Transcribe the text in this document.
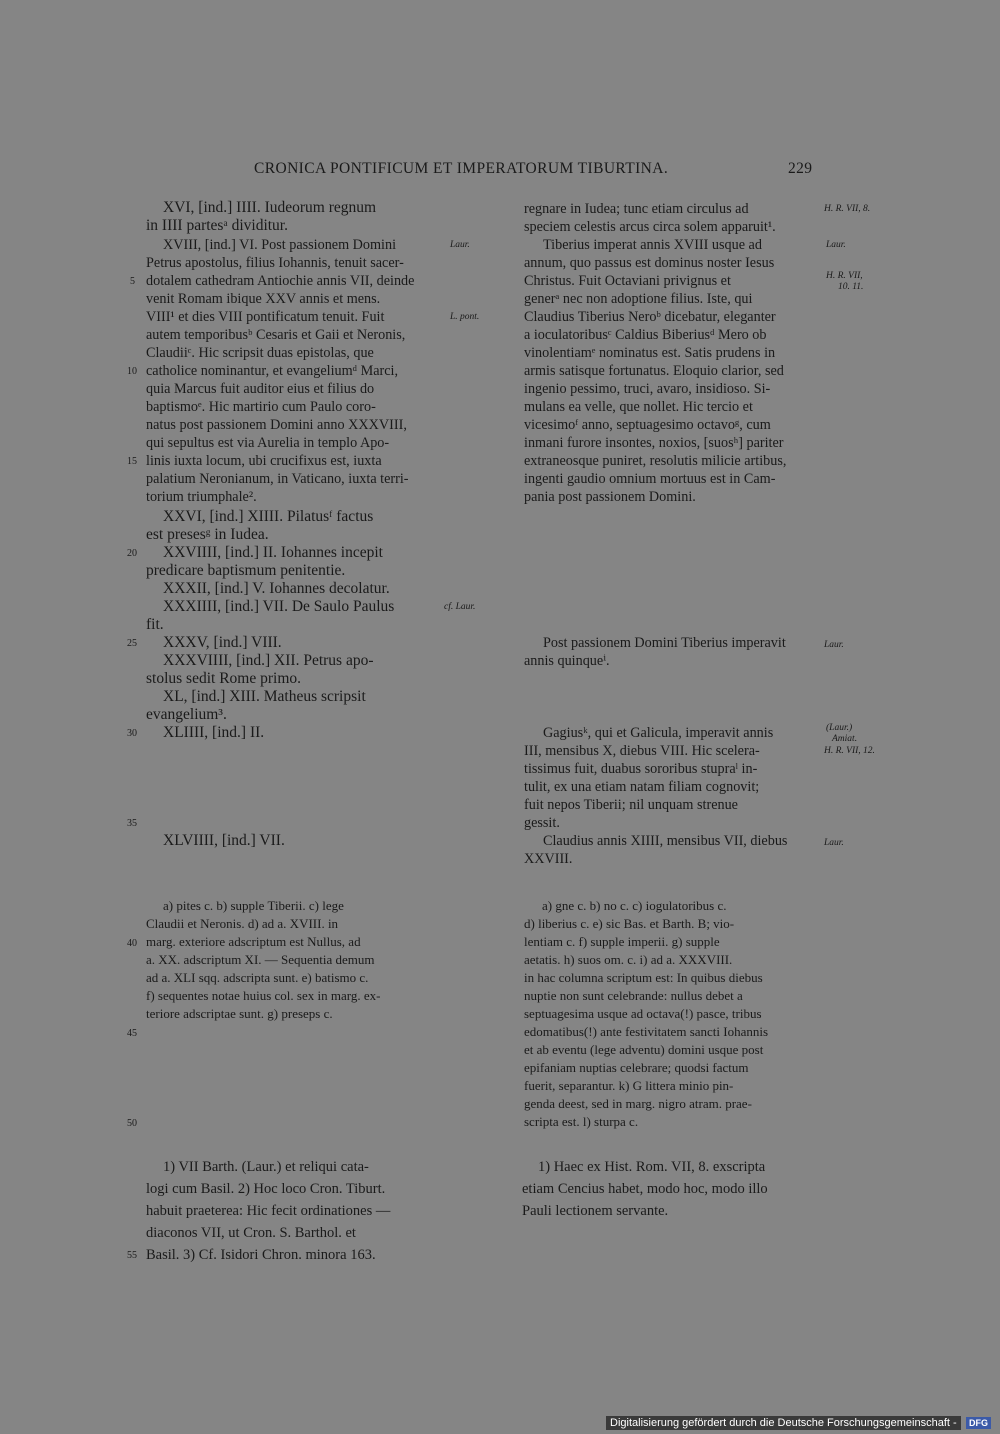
CRONICA PONTIFICUM ET IMPERATORUM TIBURTINA.	229
XVI, [ind.] IIII. Iudeorum regnum
in IIII partesᵃ dividitur.
XVIII, [ind.] VI. Post passionem Domini
Petrus apostolus, filius Iohannis, tenuit sacer-
dotalem cathedram Antiochie annis VII, deinde
venit Romam ibique XXV annis et mens.
VIII¹ et dies VIII pontificatum tenuit. Fuit
autem temporibusᵇ Cesaris et Gaii et Neronis,
Claudiiᶜ. Hic scripsit duas epistolas, que
catholice nominantur, et evangeliumᵈ Marci,
quia Marcus fuit auditor eius et filius do
baptismoᵉ. Hic martirio cum Paulo coro-
natus post passionem Domini anno XXXVIII,
qui sepultus est via Aurelia in templo Apo-
linis iuxta locum, ubi crucifixus est, iuxta
palatium Neronianum, in Vaticano, iuxta terri-
torium triumphale².
XXVI, [ind.] XIIII. Pilatusᶠ factus
est presesᵍ in Iudea.
XXVIIII, [ind.] II. Iohannes incepit
predicare baptismum penitentie.
XXXII, [ind.] V. Iohannes decolatur.
XXXIIII, [ind.] VII. De Saulo Paulus
fit.
XXXV, [ind.] VIII.
XXXVIIII, [ind.] XII. Petrus apo-
stolus sedit Rome primo.
XL, [ind.] XIII. Matheus scripsit
evangelium³.
XLIIII, [ind.] II.
XLVIIII, [ind.] VII.
regnare in Iudea; tunc etiam circulus ad
speciem celestis arcus circa solem apparuit¹.
Tiberius imperat annis XVIII usque ad
annum, quo passus est dominus noster Iesus
Christus. Fuit Octaviani privignus et
generᵃ nec non adoptione filius. Iste, qui
Claudius Tiberius Neroᵇ dicebatur, eleganter
a ioculatoribusᶜ Caldius Biberiusᵈ Mero ob
vinolentiamᵉ nominatus est. Satis prudens in
armis satisque fortunatus. Eloquio clarior, sed
ingenio pessimo, truci, avaro, insidioso. Si-
mulans ea velle, que nollet. Hic tercio et
vicesimoᶠ anno, septuagesimo octavoᵍ, cum
inmani furore insontes, noxios, [suosʰ] pariter
extraneosque puniret, resolutis milicie artibus,
ingenti gaudio omnium mortuus est in Cam-
pania post passionem Domini.
Post passionem Domini Tiberius imperavit
annis quinqueⁱ.
Gagiusᵏ, qui et Galicula, imperavit annis
III, mensibus X, diebus VIII. Hic scelera-
tissimus fuit, duabus sororibus stupraˡ in-
tulit, ex una etiam natam filiam cognovit;
fuit nepos Tiberii; nil unquam strenue
gessit.
Claudius annis XIIII, mensibus VII, diebus
XXVIII.
5
10
15
20
25
30
35
40
45
50
55
Laur.
L. pont.
cf. Laur.
Laur.
H. R. VII, 8.
Laur.
H. R. VII,
10. 11.
Laur.
(Laur.)
Amiat.
H. R. VII, 12.
a) pites c. b) supple Tiberii. c) lege
Claudii et Neronis. d) ad a. XVIII. in
marg. exteriore adscriptum est Nullus, ad
a. XX. adscriptum XI. — Sequentia demum
ad a. XLI sqq. adscripta sunt. e) batismo c.
f) sequentes notae huius col. sex in marg. ex-
teriore adscriptae sunt. g) preseps c.
a) gne c. b) no c. c) iogulatoribus c.
d) liberius c. e) sic Bas. et Barth. B; vio-
lentiam c. f) supple imperii. g) supple
aetatis. h) suos om. c. i) ad a. XXXVIII.
in hac columna scriptum est: In quibus diebus
nuptie non sunt celebrande: nullus debet a
septuagesima usque ad octava(!) pasce, tribus
edomatibus(!) ante festivitatem sancti Iohannis
et ab eventu (lege adventu) domini usque post
epifaniam nuptias celebrare; quodsi factum
fuerit, separantur. k) G littera minio pin-
genda deest, sed in marg. nigro atram. prae-
scripta est. l) sturpa c.
1) VII Barth. (Laur.) et reliqui cata-
logi cum Basil. 2) Hoc loco Cron. Tiburt.
habuit praeterea: Hic fecit ordinationes —
diaconos VII, ut Cron. S. Barthol. et
Basil. 3) Cf. Isidori Chron. minora 163.
1) Haec ex Hist. Rom. VII, 8. exscripta
etiam Cencius habet, modo hoc, modo illo
Pauli lectionem servante.
Digitalisierung gefördert durch die Deutsche Forschungsgemeinschaft -	DFG
